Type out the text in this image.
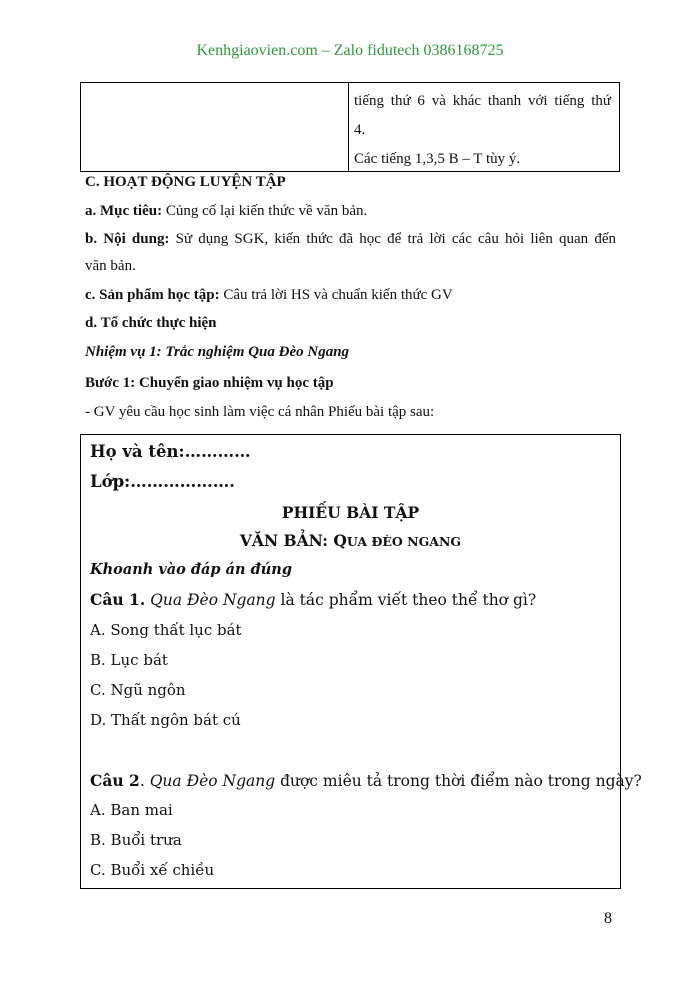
Kenhgiaovien.com – Zalo fidutech 0386168725
tiếng thứ 6 và khác thanh với tiếng thứ
4.
Các tiếng 1,3,5 B – T tùy ý.
C. HOẠT ĐỘNG LUYỆN TẬP
a. Mục tiêu: Củng cố lại kiến thức về văn bản.
b. Nội dung: Sử dụng SGK, kiến thức đã học để trả lời các câu hỏi liên quan đến
văn bản.
c. Sản phẩm học tập: Câu trả lời HS và chuẩn kiến thức GV
d. Tổ chức thực hiện
Nhiệm vụ 1: Trắc nghiệm Qua Đèo Ngang
Bước 1: Chuyển giao nhiệm vụ học tập
- GV yêu cầu học sinh làm việc cá nhân Phiếu bài tập sau:
Họ và tên:…………
Lớp:……………….
PHIẾU BÀI TẬP
VĂN BẢN: QUA ĐÈO NGANG
Khoanh vào đáp án đúng
Câu 1. Qua Đèo Ngang là tác phẩm viết theo thể thơ gì?
A. Song thất lục bát
B. Lục bát
C. Ngũ ngôn
D. Thất ngôn bát cú
Câu 2. Qua Đèo Ngang được miêu tả trong thời điểm nào trong ngày?
A. Ban mai
B. Buổi trưa
C. Buổi xế chiều
8
